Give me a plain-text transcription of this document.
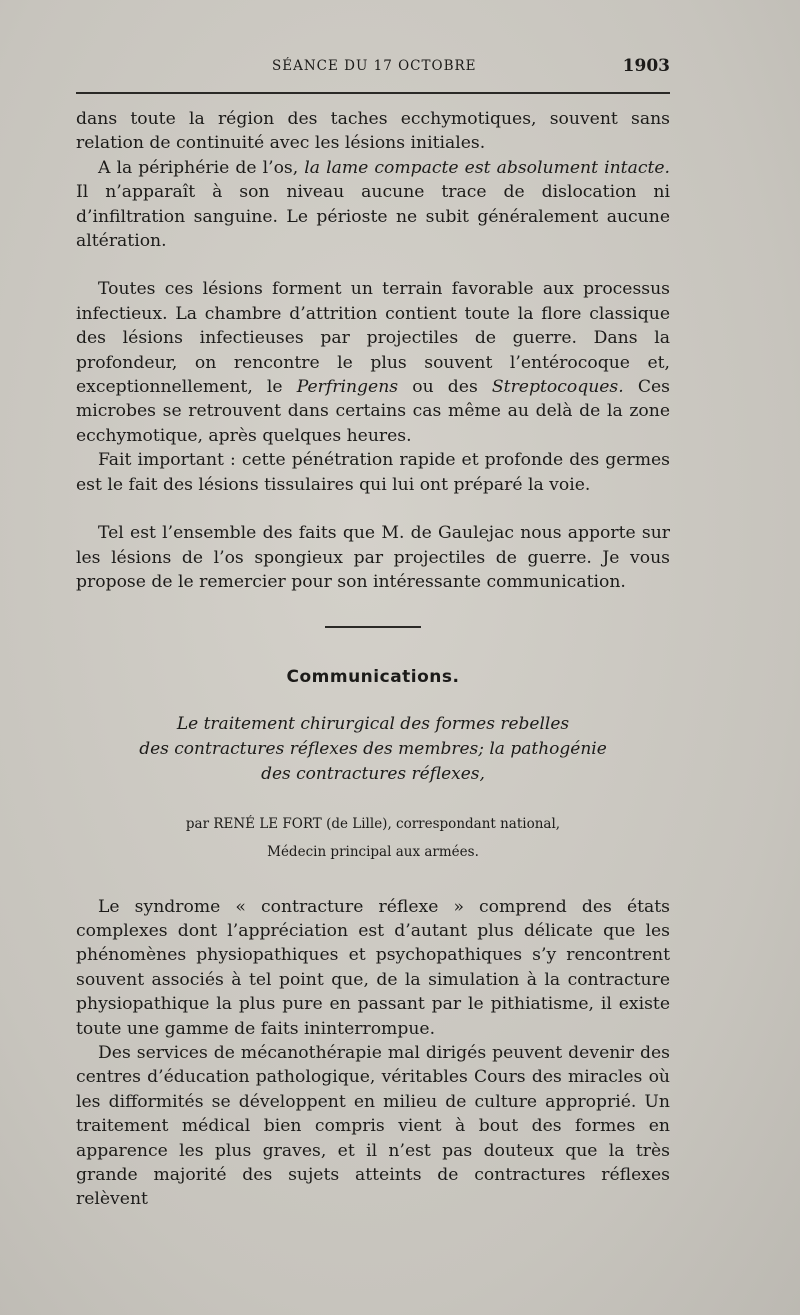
SÉANCE DU 17 OCTOBRE	1903

dans toute la région des taches ecchymotiques, souvent sans relation de continuité avec les lésions initiales.

A la périphérie de l’os, la lame compacte est absolument intacte. Il n’apparaît à son niveau aucune trace de dislocation ni d’infiltration sanguine. Le périoste ne subit généralement aucune altération.

Toutes ces lésions forment un terrain favorable aux processus infectieux. La chambre d’attrition contient toute la flore classique des lésions infectieuses par projectiles de guerre. Dans la profondeur, on rencontre le plus souvent l’entérocoque et, exceptionnellement, le Perfringens ou des Streptocoques. Ces microbes se retrouvent dans certains cas même au delà de la zone ecchymotique, après quelques heures.

Fait important : cette pénétration rapide et profonde des germes est le fait des lésions tissulaires qui lui ont préparé la voie.

Tel est l’ensemble des faits que M. de Gaulejac nous apporte sur les lésions de l’os spongieux par projectiles de guerre. Je vous propose de le remercier pour son intéressante communication.

Communications.

Le traitement chirurgical des formes rebelles
des contractures réflexes des membres; la pathogénie
des contractures réflexes,

par RENÉ LE FORT (de Lille), correspondant national,

Médecin principal aux armées.

Le syndrome « contracture réflexe » comprend des états complexes dont l’appréciation est d’autant plus délicate que les phénomènes physiopathiques et psychopathiques s’y rencontrent souvent associés à tel point que, de la simulation à la contracture physiopathique la plus pure en passant par le pithiatisme, il existe toute une gamme de faits ininterrompue.

Des services de mécanothérapie mal dirigés peuvent devenir des centres d’éducation pathologique, véritables Cours des miracles où les difformités se développent en milieu de culture approprié. Un traitement médical bien compris vient à bout des formes en apparence les plus graves, et il n’est pas douteux que la très grande majorité des sujets atteints de contractures réflexes relèvent
